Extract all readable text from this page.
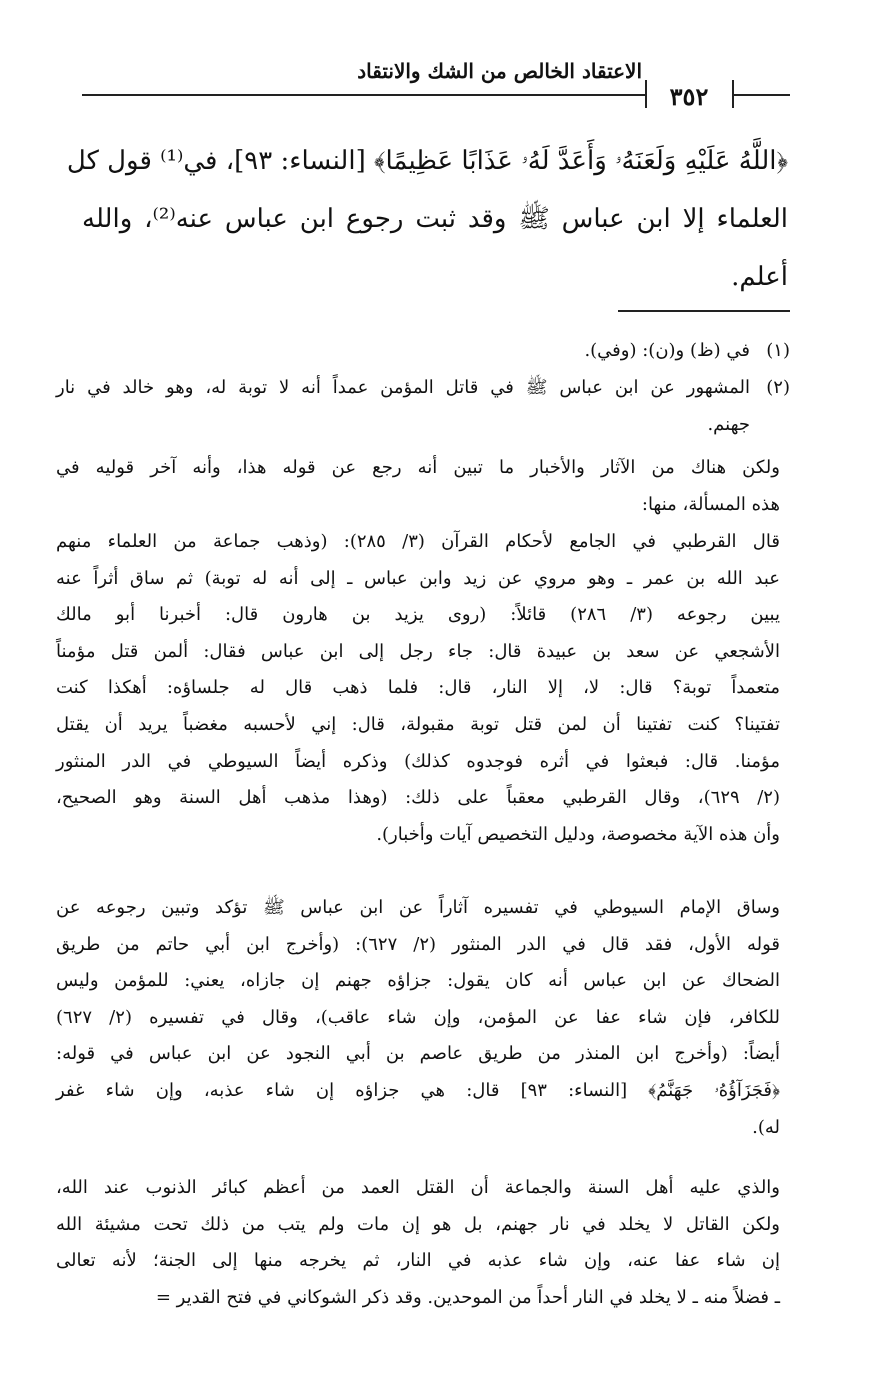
الاعتقاد الخالص من الشك والانتقاد
٣٥٢
﴿اللَّهُ عَلَيْهِ وَلَعَنَهُۥ وَأَعَدَّ لَهُۥ عَذَابًا عَظِيمًا﴾ [النساء: ٩٣]، في⁽¹⁾ قول كل
العلماء إلا ابن عباس ﷺ وقد ثبت رجوع ابن عباس عنه⁽²⁾، والله
أعلم.
(١)
في (ظ) و(ن): (وفي).
(٢)
المشهور عن ابن عباس ﷺ في قاتل المؤمن عمداً أنه لا توبة له، وهو خالد في نار
جهنم.
ولكن هناك من الآثار والأخبار ما تبين أنه رجع عن قوله هذا، وأنه آخر قوليه في
هذه المسألة، منها:
قال القرطبي في الجامع لأحكام القرآن (٣/ ٢٨٥): (وذهب جماعة من العلماء منهم
عبد الله بن عمر ـ وهو مروي عن زيد وابن عباس ـ إلى أنه له توبة) ثم ساق أثراً عنه
يبين رجوعه (٣/ ٢٨٦) قائلاً: (روى يزيد بن هارون قال: أخبرنا أبو مالك
الأشجعي عن سعد بن عبيدة قال: جاء رجل إلى ابن عباس فقال: ألمن قتل مؤمناً
متعمداً توبة؟ قال: لا، إلا النار، قال: فلما ذهب قال له جلساؤه: أهكذا كنت
تفتينا؟ كنت تفتينا أن لمن قتل توبة مقبولة، قال: إني لأحسبه مغضباً يريد أن يقتل
مؤمنا. قال: فبعثوا في أثره فوجدوه كذلك) وذكره أيضاً السيوطي في الدر المنثور
(٢/ ٦٢٩)، وقال القرطبي معقباً على ذلك: (وهذا مذهب أهل السنة وهو الصحيح،
وأن هذه الآية مخصوصة، ودليل التخصيص آيات وأخبار).
وساق الإمام السيوطي في تفسيره آثاراً عن ابن عباس ﷺ تؤكد وتبين رجوعه عن
قوله الأول، فقد قال في الدر المنثور (٢/ ٦٢٧): (وأخرج ابن أبي حاتم من طريق
الضحاك عن ابن عباس أنه كان يقول: جزاؤه جهنم إن جازاه، يعني: للمؤمن وليس
للكافر، فإن شاء عفا عن المؤمن، وإن شاء عاقب)، وقال في تفسيره (٢/ ٦٢٧)
أيضاً: (وأخرج ابن المنذر من طريق عاصم بن أبي النجود عن ابن عباس في قوله:
﴿فَجَزَآؤُهُۥ جَهَنَّمُ﴾ [النساء: ٩٣] قال: هي جزاؤه إن شاء عذبه، وإن شاء غفر
له).
والذي عليه أهل السنة والجماعة أن القتل العمد من أعظم كبائر الذنوب عند الله،
ولكن القاتل لا يخلد في نار جهنم، بل هو إن مات ولم يتب من ذلك تحت مشيئة الله
إن شاء عفا عنه، وإن شاء عذبه في النار، ثم يخرجه منها إلى الجنة؛ لأنه تعالى
ـ فضلاً منه ـ لا يخلد في النار أحداً من الموحدين. وقد ذكر الشوكاني في فتح القدير =
